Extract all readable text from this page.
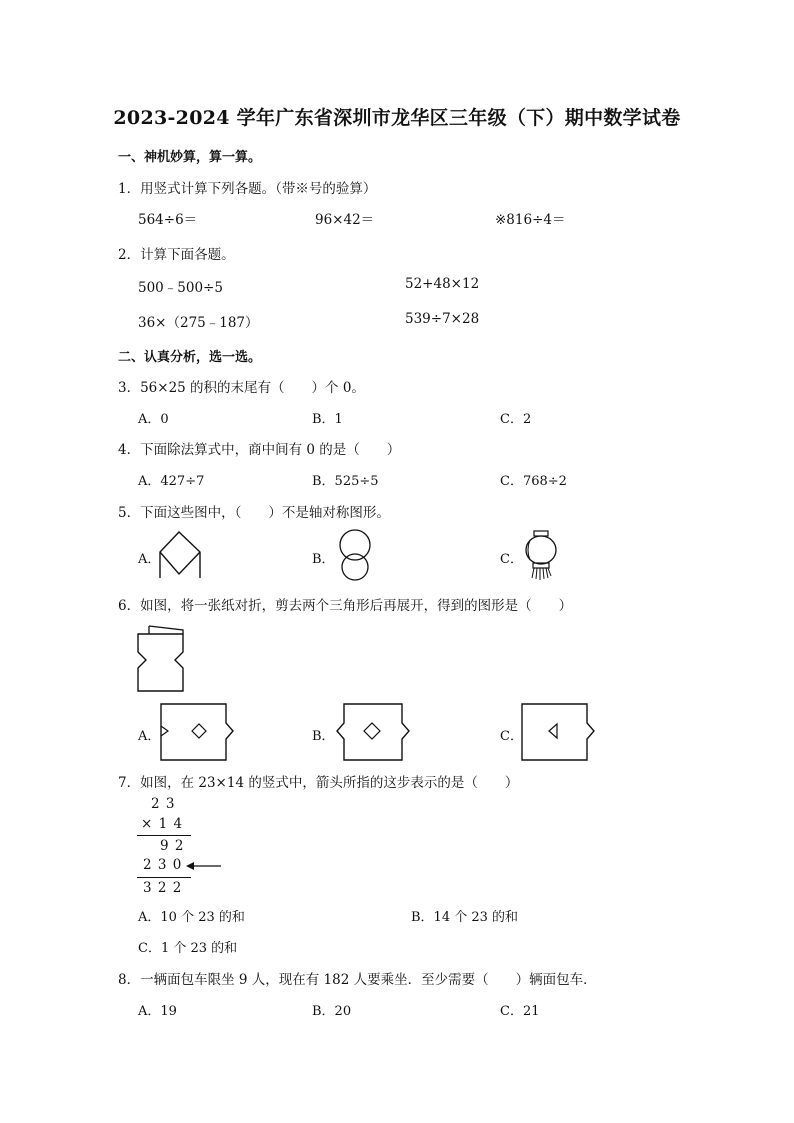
2023-2024 学年广东省深圳市龙华区三年级（下）期中数学试卷
一、神机妙算，算一算。
1．用竖式计算下列各题。（带※号的验算）
564÷6＝	96×42＝	※816÷4＝
2．计算下面各题。
500﹣500÷5	52+48×12
36×（275﹣187）	539÷7×28
二、认真分析，选一选。
3．56×25 的积的末尾有（　　）个 0。
A．0	B．1	C．2
4．下面除法算式中，商中间有 0 的是（　　）
A．427÷7	B．525÷5	C．768÷2
5．下面这些图中，（　　）不是轴对称图形。
A．	B．	C．
6．如图，将一张纸对折，剪去两个三角形后再展开，得到的图形是（　　）
A．	B．	C．
7．如图，在 23×14 的竖式中，箭头所指的这步表示的是（　　）
2 3
× 1 4
9 2
2 3 0
3 2 2
A．10 个 23 的和	B．14 个 23 的和
C．1 个 23 的和
8．一辆面包车限坐 9 人，现在有 182 人要乘坐．至少需要（　　）辆面包车．
A．19	B．20	C．21
